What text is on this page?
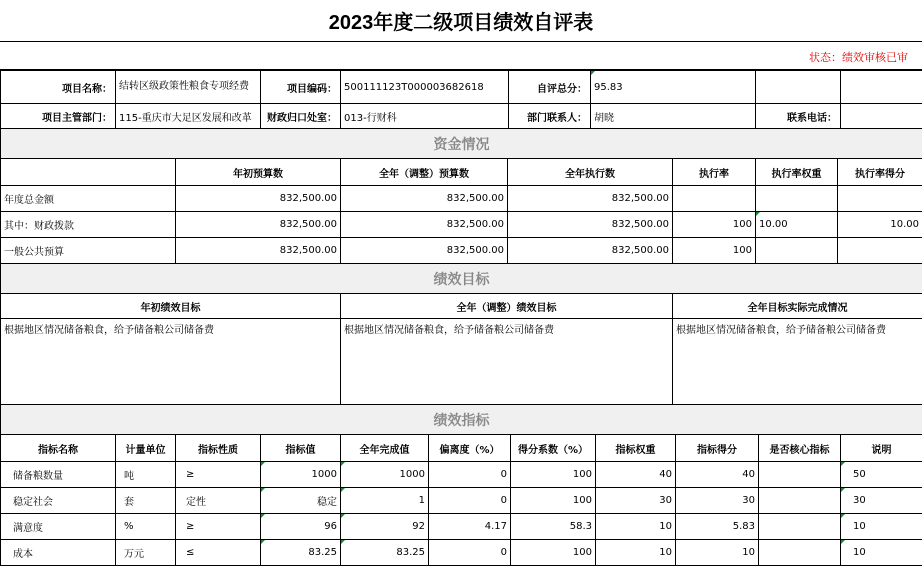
2023年度二级项目绩效自评表
状态：绩效审核已审
项目名称：	结转区级政策性粮食专项经费	项目编码：	500111123T000003682618	自评总分：	95.83		
项目主管部门：	115-重庆市大足区发展和改革	财政归口处室：	013-行财科	部门联系人：	胡晓	联系电话：	
资金情况						
	年初预算数	全年（调整）预算数	全年执行数	执行率	执行率权重	执行率得分
年度总金额	832,500.00	832,500.00	832,500.00			
其中：财政拨款	832,500.00	832,500.00	832,500.00	100	10.00	10.00
一般公共预算	832,500.00	832,500.00	832,500.00	100		
绩效目标		
年初绩效目标	全年（调整）绩效目标	全年目标实际完成情况
根据地区情况储备粮食，给予储备粮公司储备费	根据地区情况储备粮食，给予储备粮公司储备费	根据地区情况储备粮食，给予储备粮公司储备费
绩效指标										
指标名称	计量单位	指标性质	指标值	全年完成值	偏离度（%）	得分系数（%）	指标权重	指标得分	是否核心指标	说明
储备粮数量	吨	≥	1000	1000	0	100	40	40		50
稳定社会	套	定性	稳定	1	0	100	30	30		30
满意度	%	≥	96	92	4.17	58.3	10	5.83		10
成本	万元	≤	83.25	83.25	0	100	10	10		10
